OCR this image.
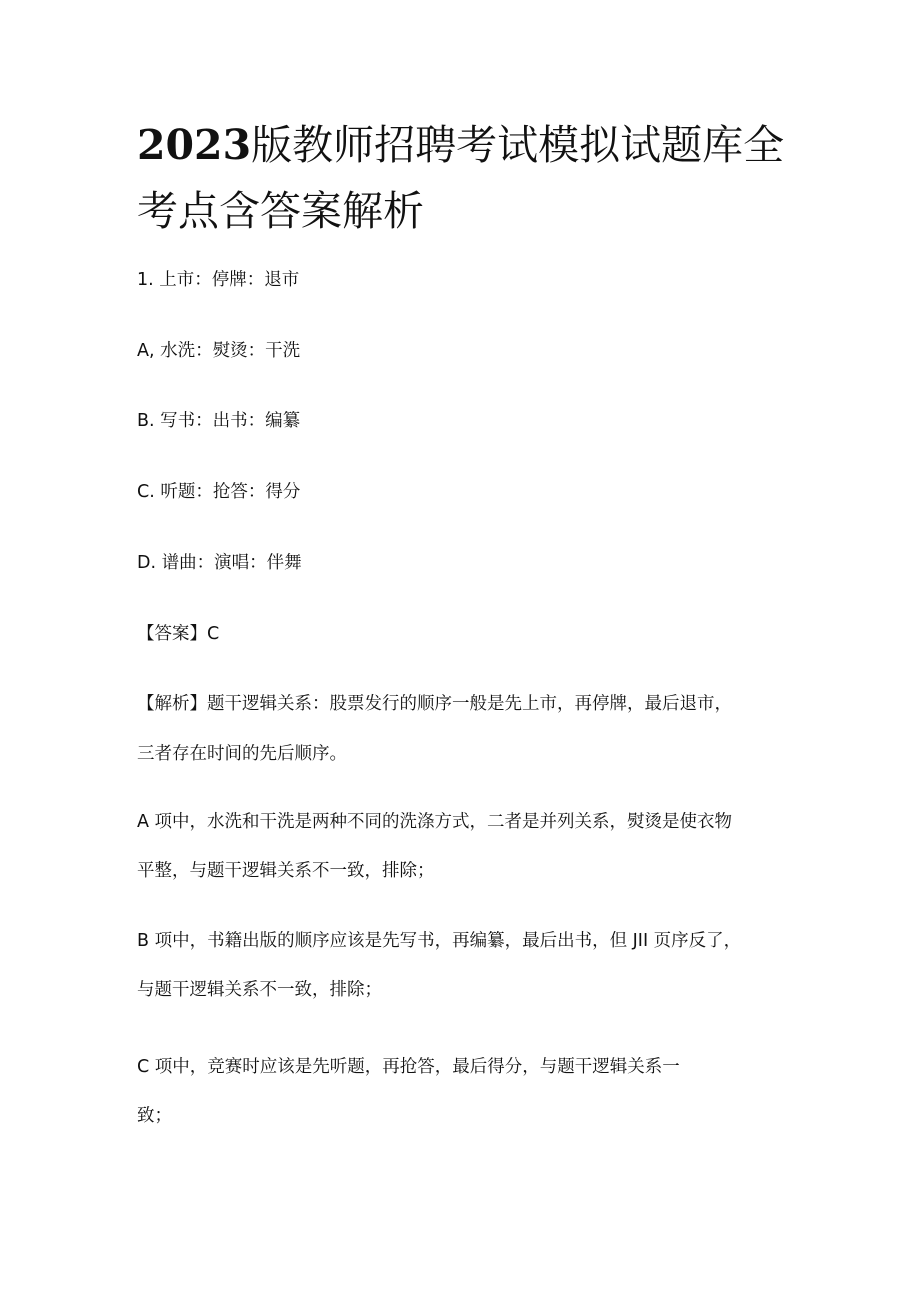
2023版教师招聘考试模拟试题库全考点含答案解析

1. 上市：停牌：退市

A, 水洗：熨烫：干洗

B. 写书：出书：编纂

C. 听题：抢答：得分

D. 谱曲：演唱：伴舞

【答案】C

【解析】题干逻辑关系：股票发行的顺序一般是先上市，再停牌，最后退市，

三者存在时间的先后顺序。

A 项中，水洗和干洗是两种不同的洗涤方式，二者是并列关系，熨烫是使衣物

平整，与题干逻辑关系不一致，排除；

B 项中，书籍出版的顺序应该是先写书，再编纂，最后出书，但 JII 页序反了，

与题干逻辑关系不一致，排除；

C 项中，竞赛时应该是先听题，再抢答，最后得分，与题干逻辑关系一

致；
